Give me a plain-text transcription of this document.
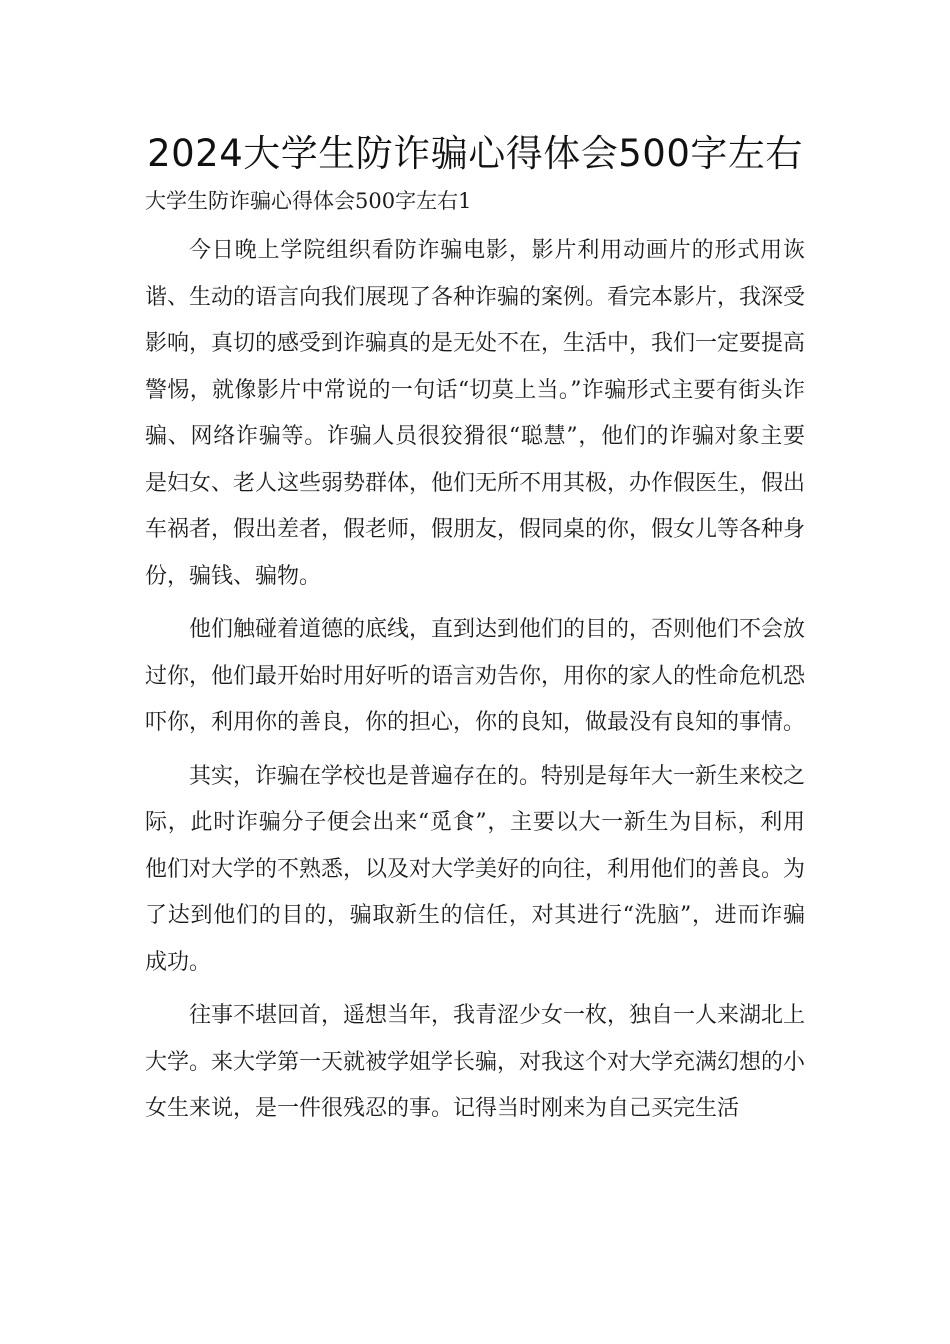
2024大学生防诈骗心得体会500字左右
大学生防诈骗心得体会500字左右1

今日晚上学院组织看防诈骗电影，影片利用动画片的形式用诙谐、生动的语言向我们展现了各种诈骗的案例。看完本影片，我深受影响，真切的感受到诈骗真的是无处不在，生活中，我们一定要提高警惕，就像影片中常说的一句话“切莫上当。”诈骗形式主要有街头诈骗、网络诈骗等。诈骗人员很狡猾很“聪慧”，他们的诈骗对象主要是妇女、老人这些弱势群体，他们无所不用其极，办作假医生，假出车祸者，假出差者，假老师，假朋友，假同桌的你，假女儿等各种身份，骗钱、骗物。

他们触碰着道德的底线，直到达到他们的目的，否则他们不会放过你，他们最开始时用好听的语言劝告你，用你的家人的性命危机恐吓你，利用你的善良，你的担心，你的良知，做最没有良知的事情。

其实，诈骗在学校也是普遍存在的。特别是每年大一新生来校之际，此时诈骗分子便会出来“觅食”，主要以大一新生为目标，利用他们对大学的不熟悉，以及对大学美好的向往，利用他们的善良。为了达到他们的目的，骗取新生的信任，对其进行“洗脑”，进而诈骗成功。

往事不堪回首，遥想当年，我青涩少女一枚，独自一人来湖北上大学。来大学第一天就被学姐学长骗，对我这个对大学充满幻想的小女生来说，是一件很残忍的事。记得当时刚来为自己买完生活
